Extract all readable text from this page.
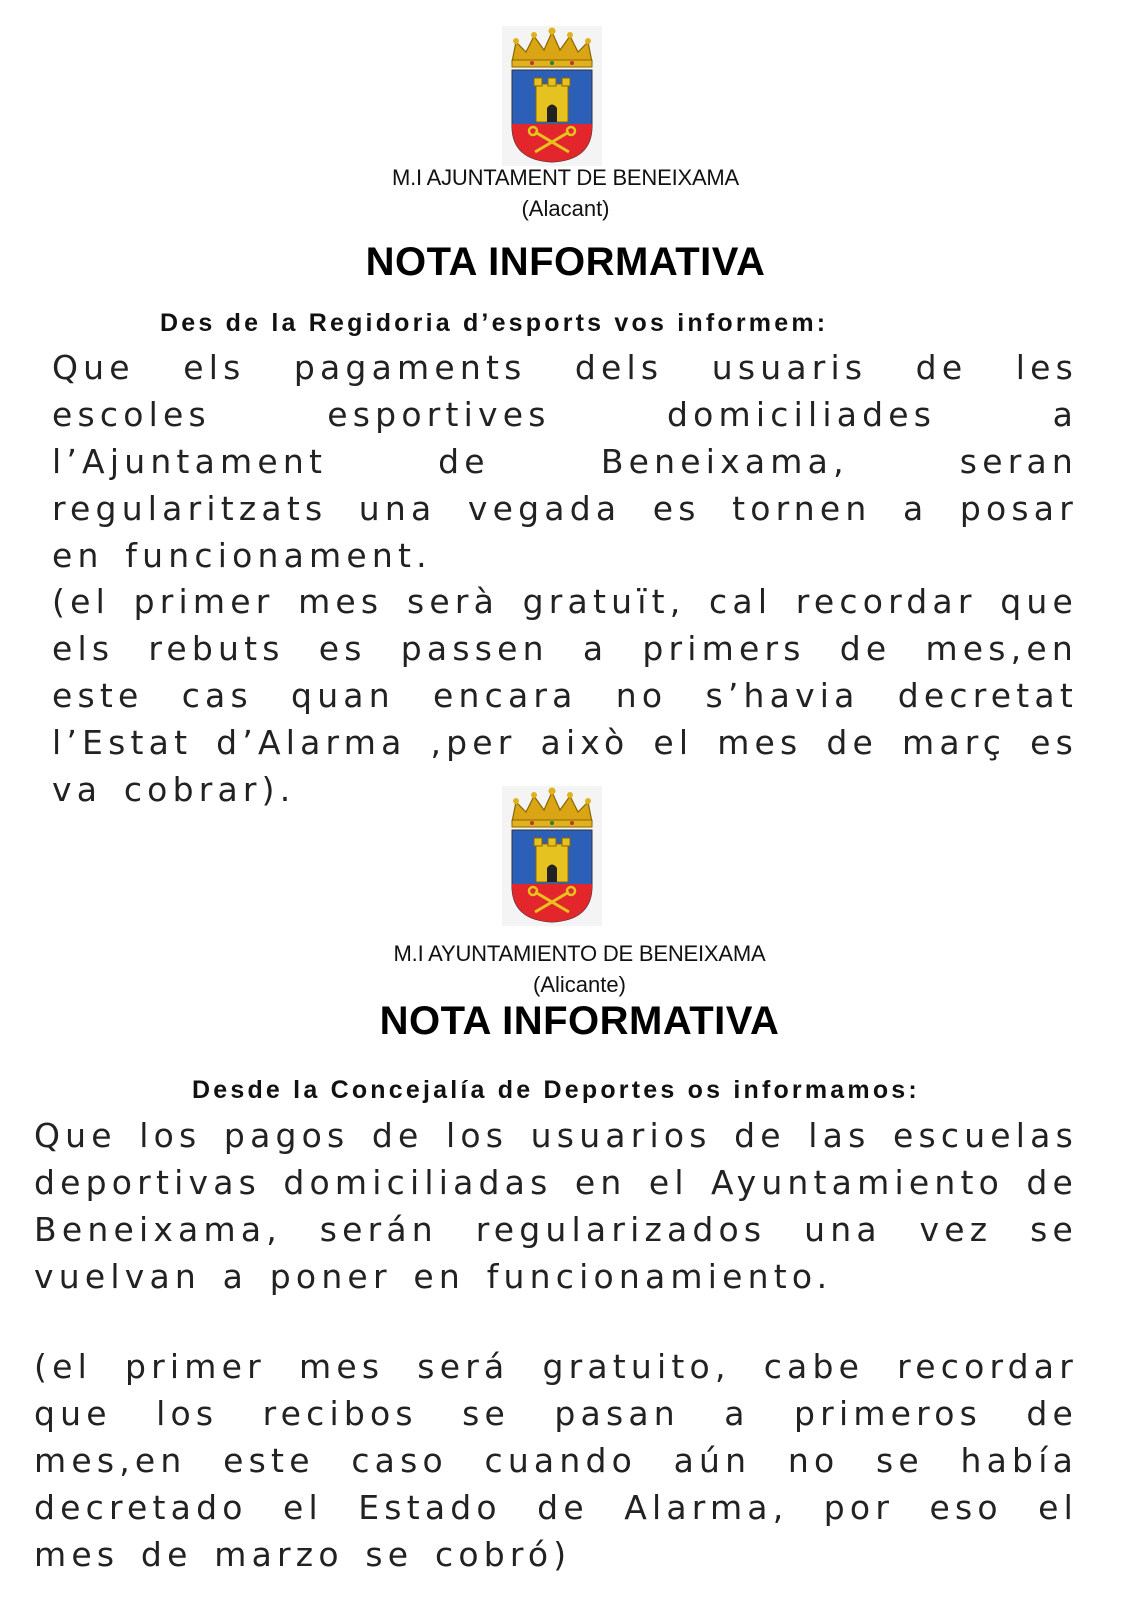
M.I AJUNTAMENT DE BENEIXAMA
(Alacant)
NOTA INFORMATIVA
Des de la Regidoria d’esports vos informem:
Que els pagaments dels usuaris de les escoles esportives domiciliades a l’Ajuntament de Beneixama, seran regularitzats una vegada es tornen a posar en funcionament.
(el primer mes serà gratuït, cal recordar que els rebuts es passen a primers de mes,en este cas quan encara no s’havia decretat l’Estat d’Alarma ,per això el mes de març es va cobrar).
M.I AYUNTAMIENTO DE BENEIXAMA
(Alicante)
NOTA INFORMATIVA
Desde la Concejalía de Deportes os informamos:
Que los pagos de los usuarios de las escuelas deportivas domiciliadas en el Ayuntamiento de Beneixama, serán regularizados una vez se vuelvan a poner en funcionamiento.
(el primer mes será gratuito, cabe recordar que los recibos se pasan a primeros de mes,en este caso cuando aún no se había decretado el Estado de Alarma, por eso el mes de marzo se cobró)
